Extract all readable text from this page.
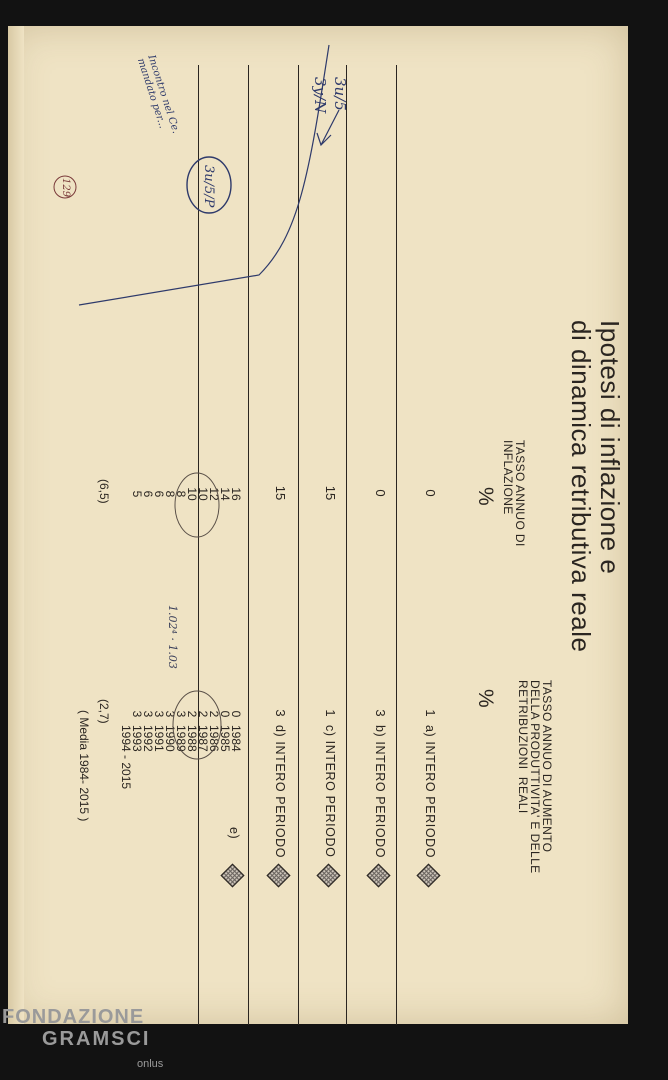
Ipotesi di inflazione e
di dinamica retributiva reale
TASSO ANNUO DI
INFLAZIONE
TASSO ANNUO DI AUMENTO
DELLA PRODUTTIVITA' E DELLE
RETRIBUZIONI  REALI
%
%
a) INTERO PERIODO
0
1
b) INTERO PERIODO
0
3
c) INTERO PERIODO
15
1
d) INTERO PERIODO
15
3
e)
1984
1985
1986
1987
1988
1989
1990
1991
1992
1993
1994 - 2015
16
14
12
10
10
8
8
6
6
5
0
0
2
2
2
3
3
3
3
3
( Media 1984- 2015 )
(6,5)
(2,7)
1.02⁴ · 1.03
129
3u/5
3y/N
3u/5/P
Incontro nel Ce.
mandato per...
FONDAZIONE
GRAMSCI
onlus
